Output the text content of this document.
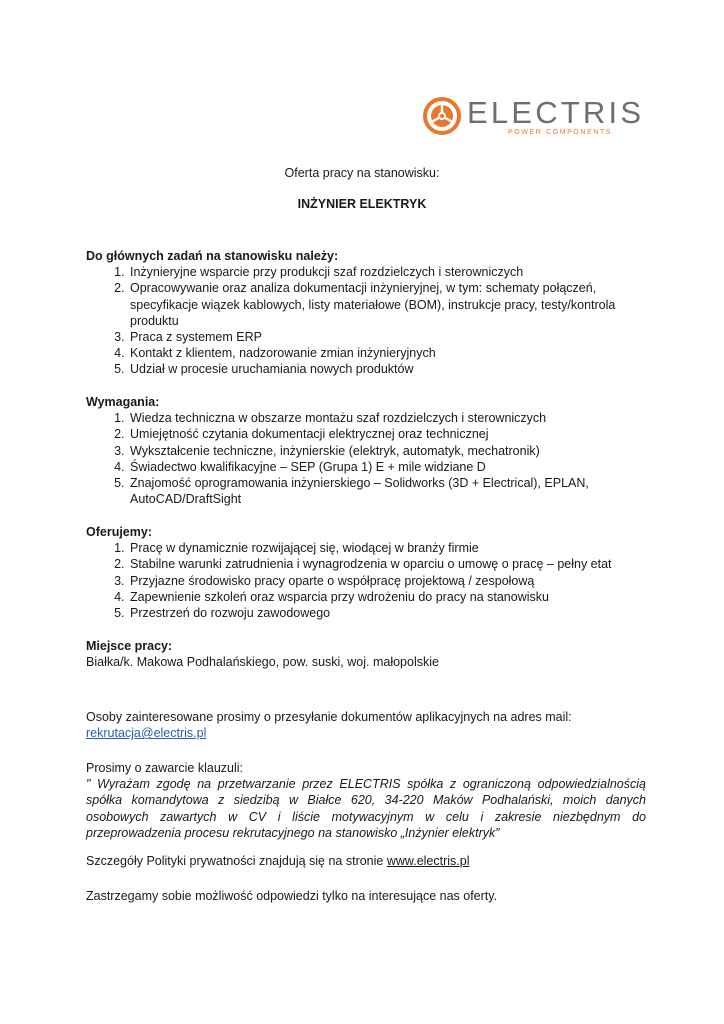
ELECTRIS
POWER COMPONENTS
Oferta pracy na stanowisku:
INŻYNIER ELEKTRYK

Do głównych zadań na stanowisku należy:

1. Inżynieryjne wsparcie przy produkcji szaf rozdzielczych i sterowniczych
2. Opracowywanie oraz analiza dokumentacji inżynieryjnej, w tym: schematy połączeń, specyfikacje wiązek kablowych, listy materiałowe (BOM), instrukcje pracy, testy/kontrola produktu
3. Praca z systemem ERP
4. Kontakt z klientem, nadzorowanie zmian inżynieryjnych
5. Udział w procesie uruchamiania nowych produktów

Wymagania:

1. Wiedza techniczna w obszarze montażu szaf rozdzielczych i sterowniczych
2. Umiejętność czytania dokumentacji elektrycznej oraz technicznej
3. Wykształcenie techniczne, inżynierskie (elektryk, automatyk, mechatronik)
4. Świadectwo kwalifikacyjne – SEP (Grupa 1) E + mile widziane D
5. Znajomość oprogramowania inżynierskiego – Solidworks (3D + Electrical), EPLAN, AutoCAD/DraftSight

Oferujemy:

1. Pracę w dynamicznie rozwijającej się, wiodącej w branży firmie
2. Stabilne warunki zatrudnienia i wynagrodzenia w oparciu o umowę o pracę – pełny etat
3. Przyjazne środowisko pracy oparte o współpracę projektową / zespołową
4. Zapewnienie szkoleń oraz wsparcia przy wdrożeniu do pracy na stanowisku
5. Przestrzeń do rozwoju zawodowego

Miejsce pracy:

Białka/k. Makowa Podhalańskiego, pow. suski, woj. małopolskie

Osoby zainteresowane prosimy o przesyłanie dokumentów aplikacyjnych na adres mail:

rekrutacja@electris.pl

Prosimy o zawarcie klauzuli:

" Wyrażam zgodę na przetwarzanie przez ELECTRIS spółka z ograniczoną odpowiedzialnością spółka komandytowa z siedzibą w Białce 620, 34-220 Maków Podhalański, moich danych osobowych zawartych w CV i liście motywacyjnym w celu i zakresie niezbędnym do przeprowadzenia procesu rekrutacyjnego na stanowisko „Inżynier elektryk”

Szczegóły Polityki prywatności znajdują się na stronie www.electris.pl

Zastrzegamy sobie możliwość odpowiedzi tylko na interesujące nas oferty.
